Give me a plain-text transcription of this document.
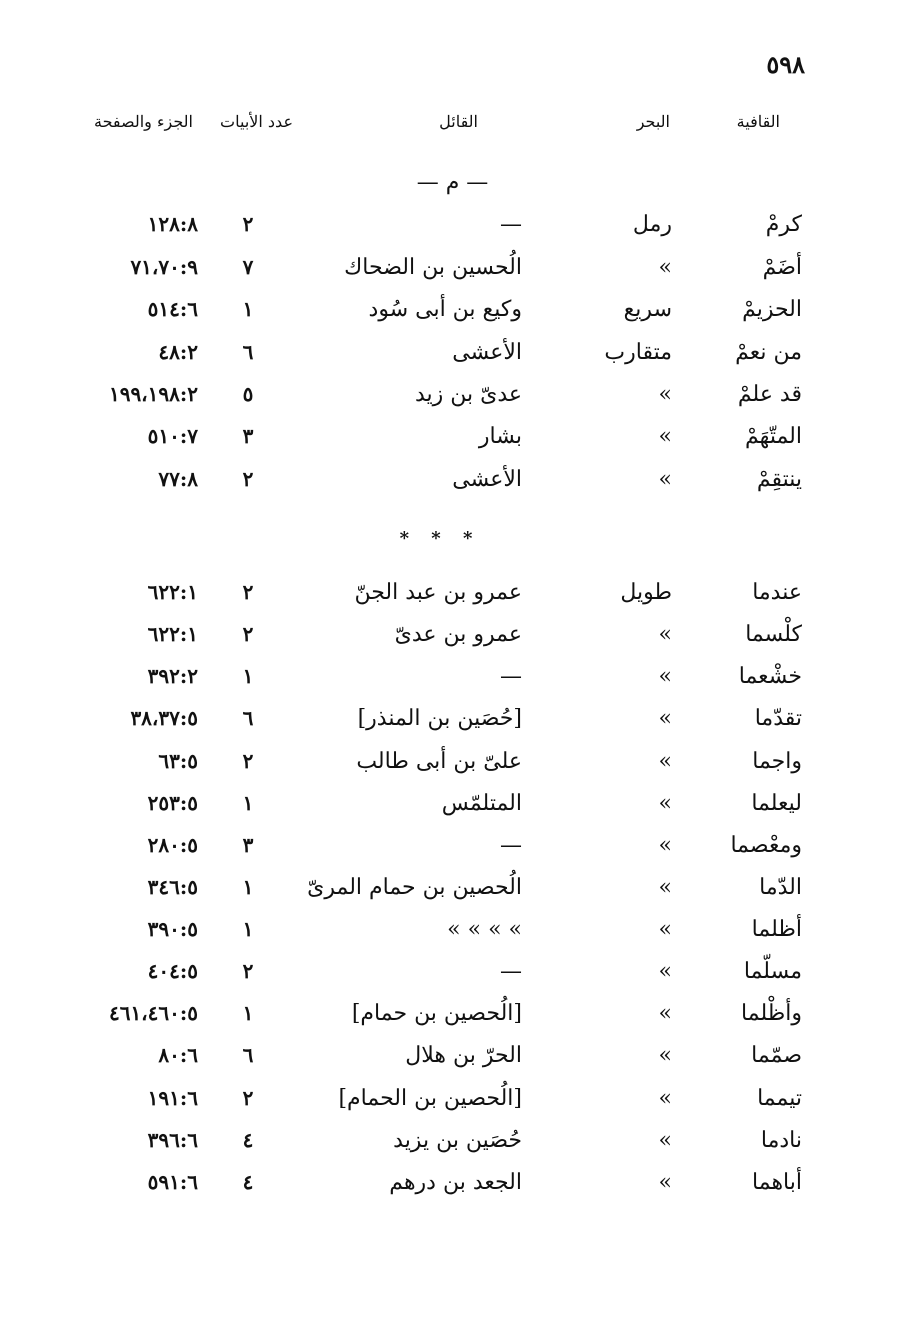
٥٩٨
القافية
البحر
القائل
عدد الأبيات
الجزء والصفحة
— م —
* * *
كرمْ
رمل
—
٢
١٢٨:٨
أضَمْ
»
الُحسين بن الضحاك
٧
٧١،٧٠:٩
الحزيمْ
سريع
وكيع بن أبى سُود
١
٥١٤:٦
من نعمْ
متقارب
الأعشى
٦
٤٨:٢
قد علمْ
»
عدىّ بن زيد
٥
١٩٩،١٩٨:٢
المتّهَمْ
»
بشار
٣
٥١٠:٧
ينتقِمْ
»
الأعشى
٢
٧٧:٨
عندما
طويل
عمرو بن عبد الجنّ
٢
٦٢٢:١
كلْسما
»
عمرو بن عدىّ
٢
٦٢٢:١
خشْعما
»
—
١
٣٩٢:٢
تقدّما
»
[حُصَين بن المنذر]
٦
٣٨،٣٧:٥
واجما
»
علىّ بن أبى طالب
٢
٦٣:٥
ليعلما
»
المتلمّس
١
٢٥٣:٥
ومعْصما
»
—
٣
٢٨٠:٥
الدّما
»
الُحصين بن حمام المرىّ
١
٣٤٦:٥
أظلما
»
» » » »
١
٣٩٠:٥
مسلّما
»
—
٢
٤٠٤:٥
وأظْلما
»
[الُحصين بن حمام]
١
٤٦١،٤٦٠:٥
صمّما
»
الحرّ بن هلال
٦
٨٠:٦
تيمما
»
[الُحصين بن الحمام]
٢
١٩١:٦
نادما
»
حُصَين بن يزيد
٤
٣٩٦:٦
أباهما
»
الجعد بن درهم
٤
٥٩١:٦
